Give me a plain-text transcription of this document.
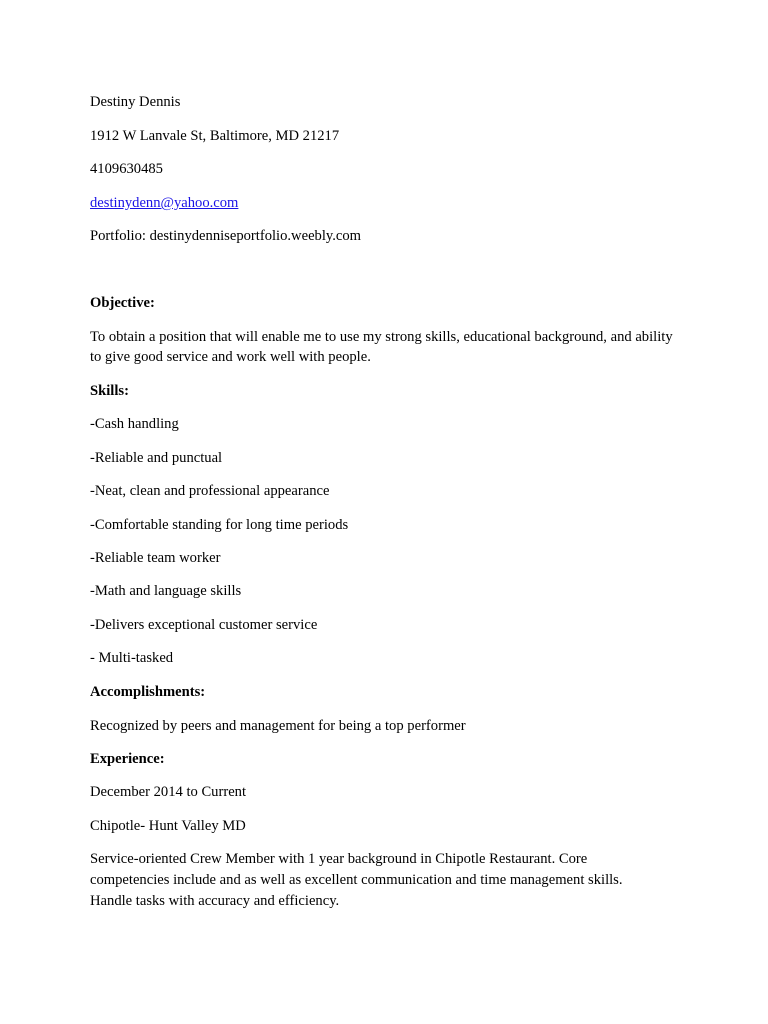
Destiny Dennis
1912 W Lanvale St, Baltimore, MD 21217
4109630485
destinydenn@yahoo.com
Portfolio: destinydenniseportfolio.weebly.com
Objective:
To obtain a position that will enable me to use my strong skills, educational background, and ability to give good service and work well with people.
Skills:
-Cash handling
-Reliable and punctual
-Neat, clean and professional appearance
-Comfortable standing for long time periods
-Reliable team worker
-Math and language skills
-Delivers exceptional customer service
- Multi-tasked
Accomplishments:
Recognized by peers and management for being a top performer
Experience:
December 2014 to Current
Chipotle- Hunt Valley MD
Service-oriented Crew Member with 1 year background in Chipotle Restaurant. Core
competencies include and as well as excellent communication and time management skills.
Handle tasks with accuracy and efficiency.
